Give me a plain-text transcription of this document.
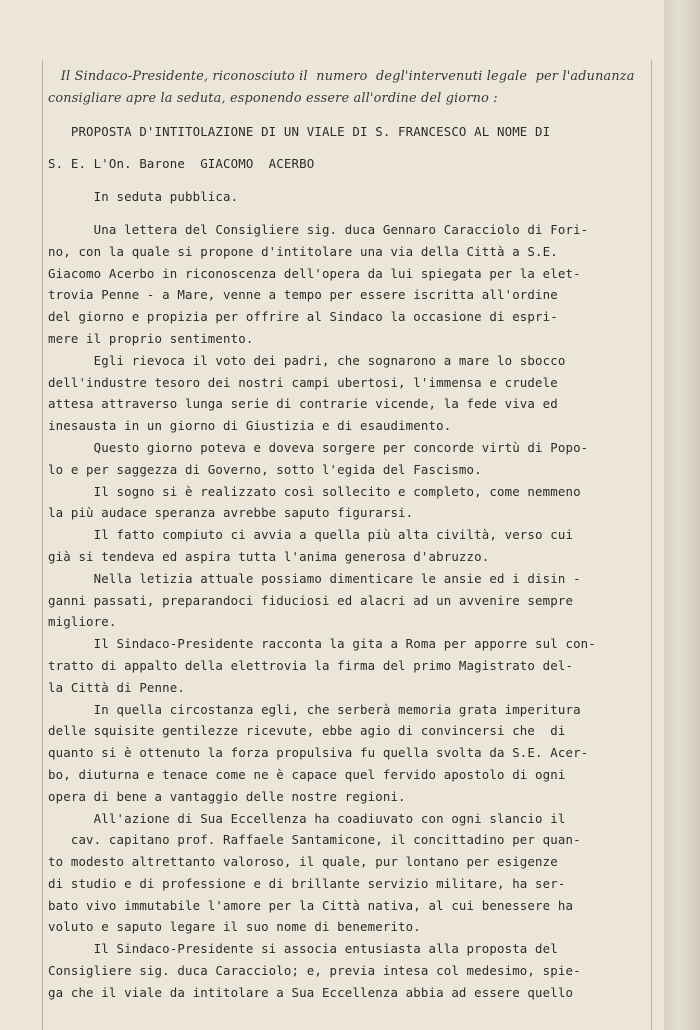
Il Sindaco-Presidente, riconosciuto il  numero  degl'intervenuti legale  per l'adunanza
consigliare apre la seduta, esponendo essere all'ordine del giorno :
PROPOSTA D'INTITOLAZIONE DI UN VIALE DI S. FRANCESCO AL NOME DI
S. E. L'On. Barone  GIACOMO  ACERBO
In seduta pubblica.
Una lettera del Consigliere sig. duca Gennaro Caracciolo di Fori-
no, con la quale si propone d'intitolare una via della Città a S.E.
Giacomo Acerbo in riconoscenza dell'opera da lui spiegata per la elet-
trovia Penne - a Mare, venne a tempo per essere iscritta all'ordine
del giorno e propizia per offrire al Sindaco la occasione di espri-
mere il proprio sentimento.
Egli rievoca il voto dei padri, che sognarono a mare lo sbocco
dell'industre tesoro dei nostri campi ubertosi, l'immensa e crudele
attesa attraverso lunga serie di contrarie vicende, la fede viva ed
inesausta in un giorno di Giustizia e di esaudimento.
Questo giorno poteva e doveva sorgere per concorde virtù di Popo-
lo e per saggezza di Governo, sotto l'egida del Fascismo.
Il sogno si è realizzato così sollecito e completo, come nemmeno
la più audace speranza avrebbe saputo figurarsi.
Il fatto compiuto ci avvia a quella più alta civiltà, verso cui
già si tendeva ed aspira tutta l'anima generosa d'abruzzo.
Nella letizia attuale possiamo dimenticare le ansie ed i disin -
ganni passati, preparandoci fiduciosi ed alacri ad un avvenire sempre
migliore.
Il Sindaco-Presidente racconta la gita a Roma per apporre sul con-
tratto di appalto della elettrovia la firma del primo Magistrato del-
la Città di Penne.
In quella circostanza egli, che serberà memoria grata imperitura
delle squisite gentilezze ricevute, ebbe agio di convincersi che  di
quanto si è ottenuto la forza propulsiva fu quella svolta da S.E. Acer-
bo, diuturna e tenace come ne è capace quel fervido apostolo di ogni
opera di bene a vantaggio delle nostre regioni.
All'azione di Sua Eccellenza ha coadiuvato con ogni slancio il
cav. capitano prof. Raffaele Santamicone, il concittadino per quan-
to modesto altrettanto valoroso, il quale, pur lontano per esigenze
di studio e di professione e di brillante servizio militare, ha ser-
bato vivo immutabile l'amore per la Città nativa, al cui benessere ha
voluto e saputo legare il suo nome di benemerito.
Il Sindaco-Presidente si associa entusiasta alla proposta del
Consigliere sig. duca Caracciolo; e, previa intesa col medesimo, spie-
ga che il viale da intitolare a Sua Eccellenza abbia ad essere quello
